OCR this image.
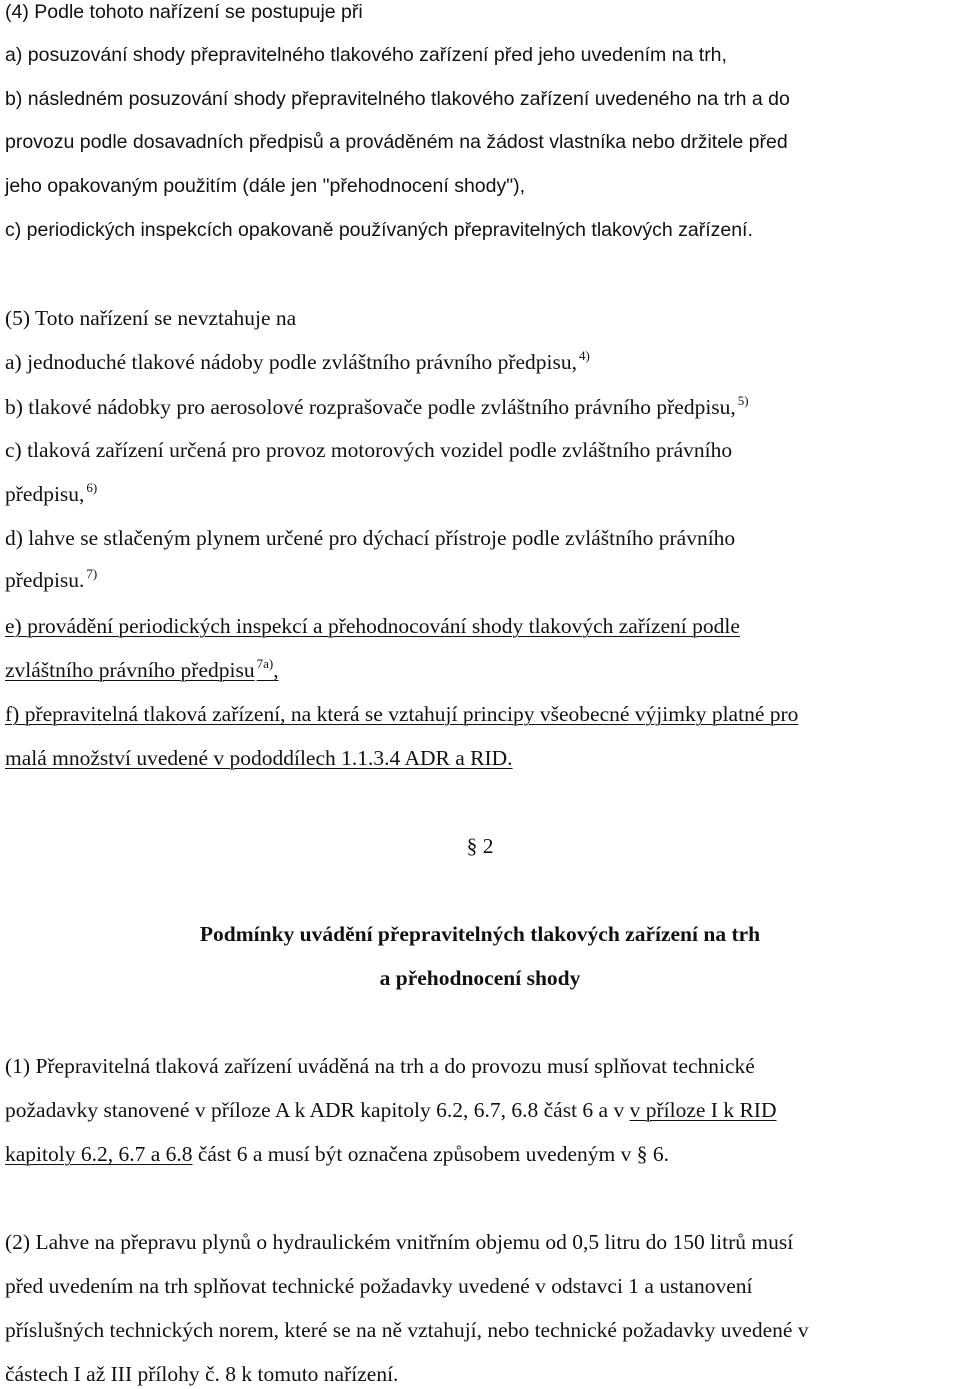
(4) Podle tohoto nařízení se postupuje při
a) posuzování shody přepravitelného tlakového zařízení před jeho uvedením na trh,
b) následném posuzování shody přepravitelného tlakového zařízení uvedeného na trh a do
provozu podle dosavadních předpisů a prováděném na žádost vlastníka nebo držitele před
jeho opakovaným použitím (dále jen "přehodnocení shody"),
c) periodických inspekcích opakovaně používaných přepravitelných tlakových zařízení.
(5) Toto nařízení se nevztahuje na
a) jednoduché tlakové nádoby podle zvláštního právního předpisu, $^{4)}$
b) tlakové nádobky pro aerosolové rozprašovače podle zvláštního právního předpisu, $^{5)}$
c) tlaková zařízení určená pro provoz motorových vozidel podle zvláštního právního
předpisu, $^{6)}$
d) lahve se stlačeným plynem určené pro dýchací přístroje podle zvláštního právního
předpisu. $^{7)}$
e) provádění periodických inspekcí a přehodnocování shody tlakových zařízení podle
zvláštního právního předpisu $^{7a)}$,
f) přepravitelná tlaková zařízení, na která se vztahují principy všeobecné výjimky platné pro
malá množství uvedené v pododdílech 1.1.3.4 ADR a RID.
§ 2
Podmínky uvádění přepravitelných tlakových zařízení na trh
a přehodnocení shody
(1) Přepravitelná tlaková zařízení uváděná na trh a do provozu musí splňovat technické
požadavky stanovené v příloze A k ADR kapitoly 6.2, 6.7, 6.8 část 6 a v v příloze I k RID
kapitoly 6.2, 6.7 a 6.8 část 6 a musí být označena způsobem uvedeným v § 6.
(2) Lahve na přepravu plynů o hydraulickém vnitřním objemu od 0,5 litru do 150 litrů musí
před uvedením na trh splňovat technické požadavky uvedené v odstavci 1 a ustanovení
příslušných technických norem, které se na ně vztahují, nebo technické požadavky uvedené v
částech I až III přílohy č. 8 k tomuto nařízení.
